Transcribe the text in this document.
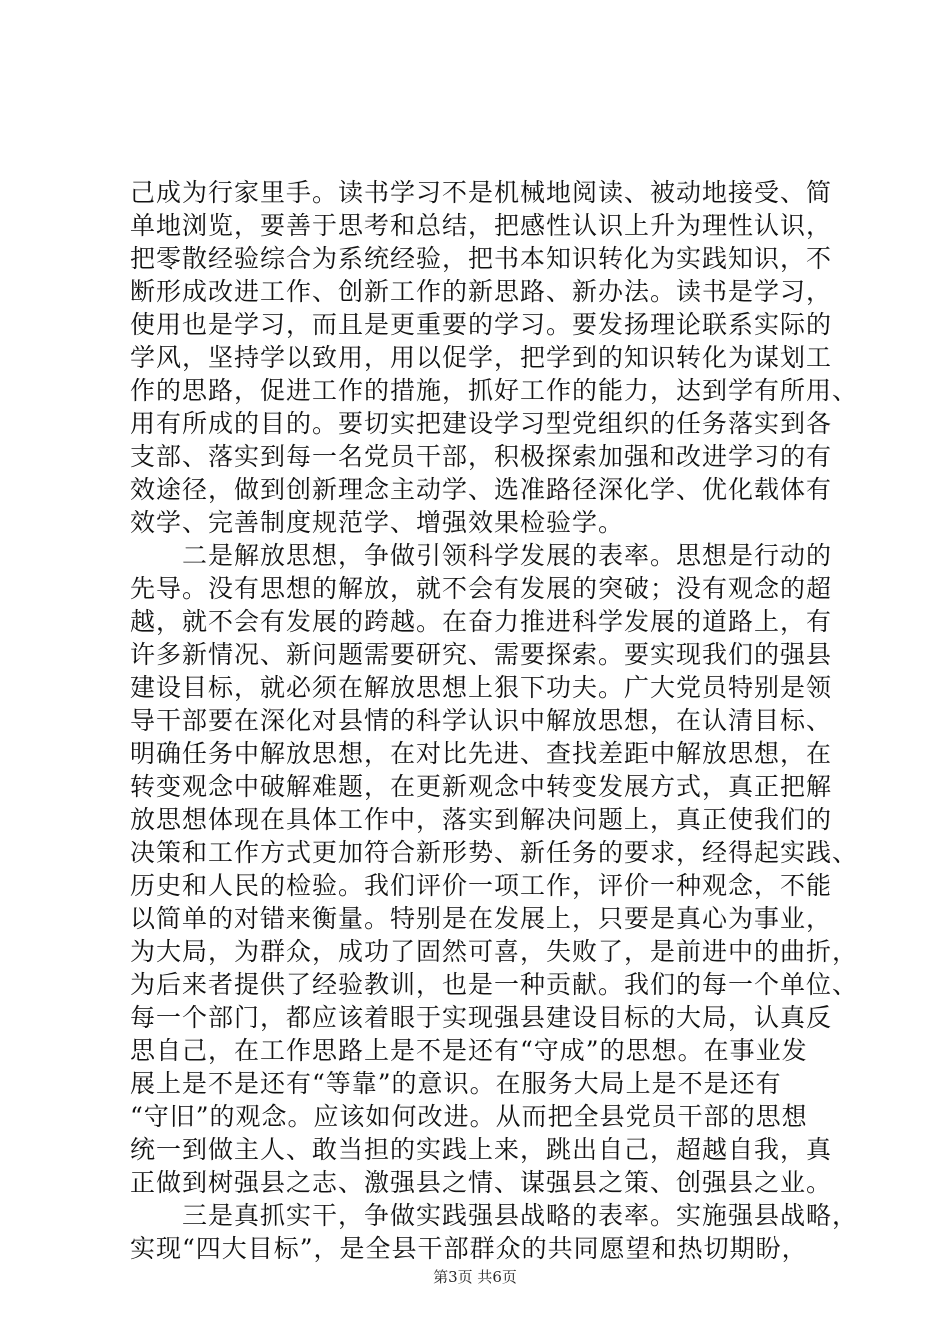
己成为行家里手。读书学习不是机械地阅读、被动地接受、简
单地浏览，要善于思考和总结，把感性认识上升为理性认识，
把零散经验综合为系统经验，把书本知识转化为实践知识，不
断形成改进工作、创新工作的新思路、新办法。读书是学习，
使用也是学习，而且是更重要的学习。要发扬理论联系实际的
学风，坚持学以致用，用以促学，把学到的知识转化为谋划工
作的思路，促进工作的措施，抓好工作的能力，达到学有所用、
用有所成的目的。要切实把建设学习型党组织的任务落实到各
支部、落实到每一名党员干部，积极探索加强和改进学习的有
效途径，做到创新理念主动学、选准路径深化学、优化载体有
效学、完善制度规范学、增强效果检验学。
　　二是解放思想，争做引领科学发展的表率。思想是行动的
先导。没有思想的解放，就不会有发展的突破；没有观念的超
越，就不会有发展的跨越。在奋力推进科学发展的道路上，有
许多新情况、新问题需要研究、需要探索。要实现我们的强县
建设目标，就必须在解放思想上狠下功夫。广大党员特别是领
导干部要在深化对县情的科学认识中解放思想，在认清目标、
明确任务中解放思想，在对比先进、查找差距中解放思想，在
转变观念中破解难题，在更新观念中转变发展方式，真正把解
放思想体现在具体工作中，落实到解决问题上，真正使我们的
决策和工作方式更加符合新形势、新任务的要求，经得起实践、
历史和人民的检验。我们评价一项工作，评价一种观念，不能
以简单的对错来衡量。特别是在发展上，只要是真心为事业，
为大局，为群众，成功了固然可喜，失败了，是前进中的曲折，
为后来者提供了经验教训，也是一种贡献。我们的每一个单位、
每一个部门，都应该着眼于实现强县建设目标的大局，认真反
思自己，在工作思路上是不是还有“守成”的思想。在事业发
展上是不是还有“等靠”的意识。在服务大局上是不是还有
“守旧”的观念。应该如何改进。从而把全县党员干部的思想
统一到做主人、敢当担的实践上来，跳出自己，超越自我，真
正做到树强县之志、激强县之情、谋强县之策、创强县之业。
　　三是真抓实干，争做实践强县战略的表率。实施强县战略，
实现“四大目标”，是全县干部群众的共同愿望和热切期盼，
第3页 共6页
